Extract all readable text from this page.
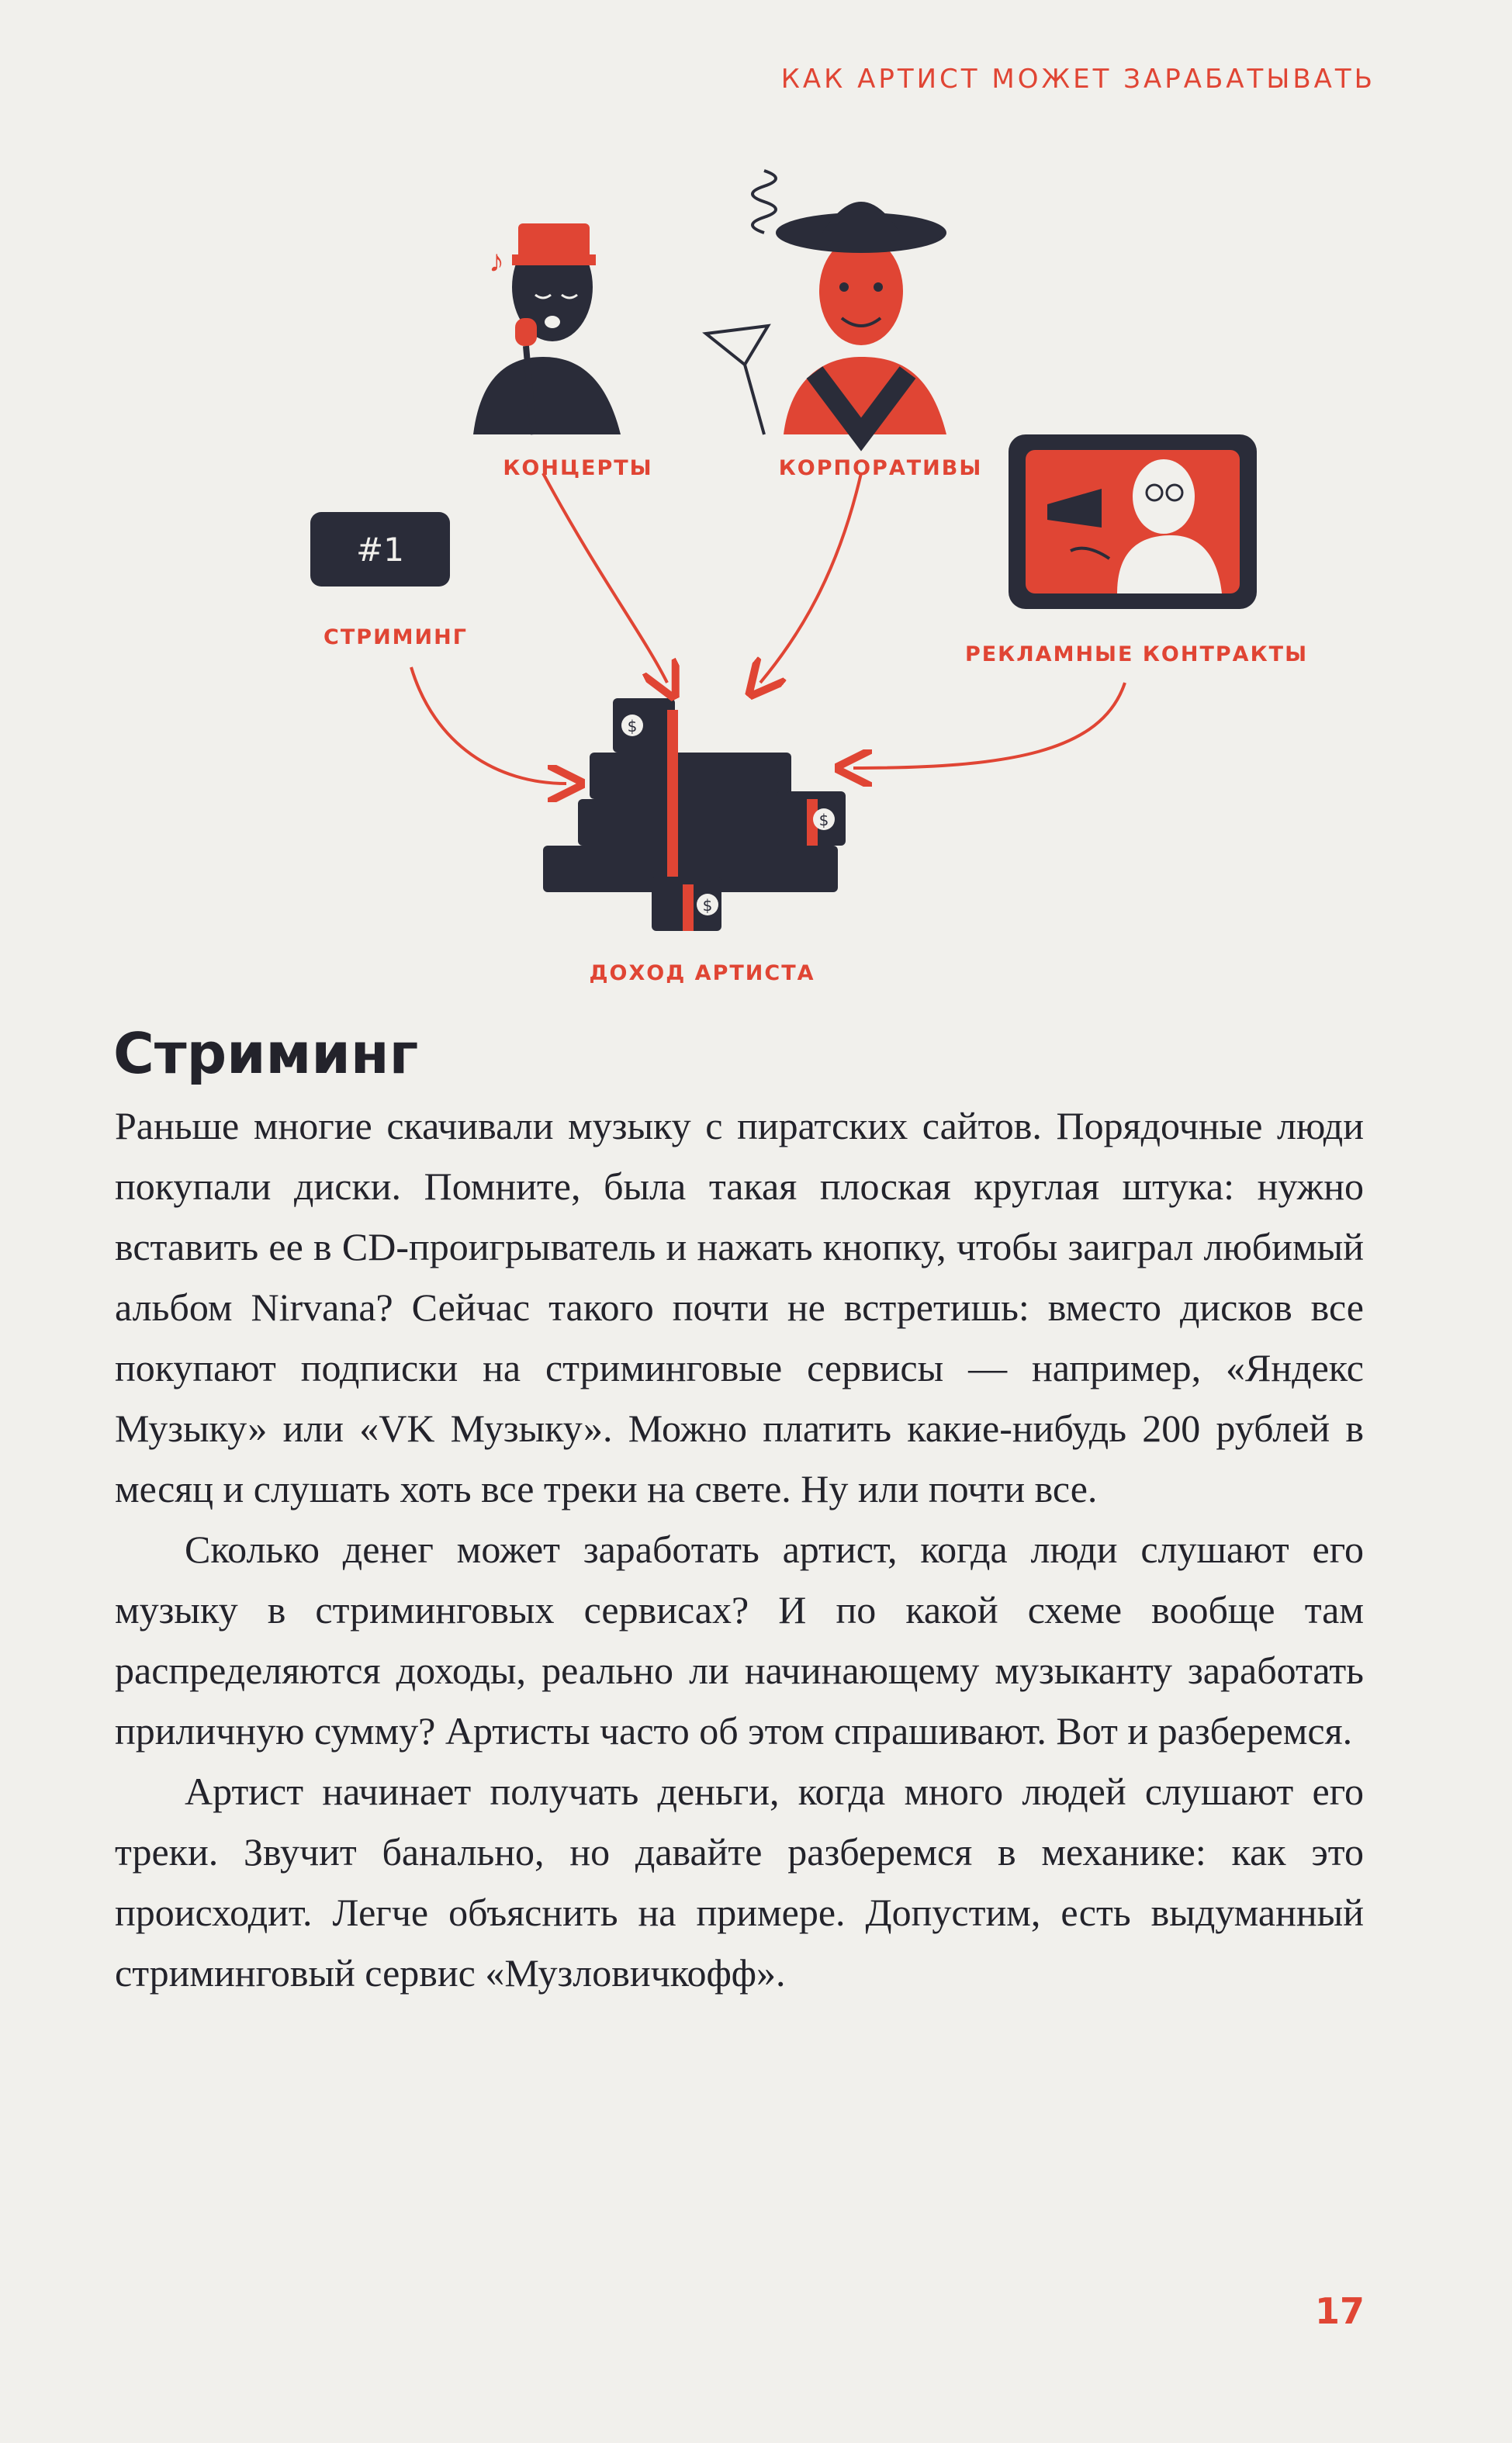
КАК АРТИСТ МОЖЕТ ЗАРАБАТЫВАТЬ
♪
#1
$
$
$
КОНЦЕРТЫ	КОРПОРАТИВЫ
СТРИМИНГ
РЕКЛАМНЫЕ КОНТРАКТЫ
ДОХОД АРТИСТА
Стриминг

Раньше многие скачивали музыку с пиратских сайтов. Порядочные люди покупали диски. Помните, была такая плоская круглая штука: нужно вставить ее в CD-проигрыватель и нажать кнопку, чтобы заиграл любимый альбом Nirvana? Сейчас такого почти не встретишь: вместо дисков все покупают подписки на стриминговые сервисы — например, «Яндекс Музыку» или «VK Музыку». Можно платить какие-нибудь 200 рублей в месяц и слушать хоть все треки на свете. Ну или почти все.

Сколько денег может заработать артист, когда люди слушают его музыку в стриминговых сервисах? И по какой схеме вообще там распределяются доходы, реально ли начинающему музыканту заработать приличную сумму? Артисты часто об этом спрашивают. Вот и разберемся.

Артист начинает получать деньги, когда много людей слушают его треки. Звучит банально, но давайте разберемся в механике: как это происходит. Легче объяснить на примере. Допустим, есть выдуманный стриминговый сервис «Музловичкофф».

17
